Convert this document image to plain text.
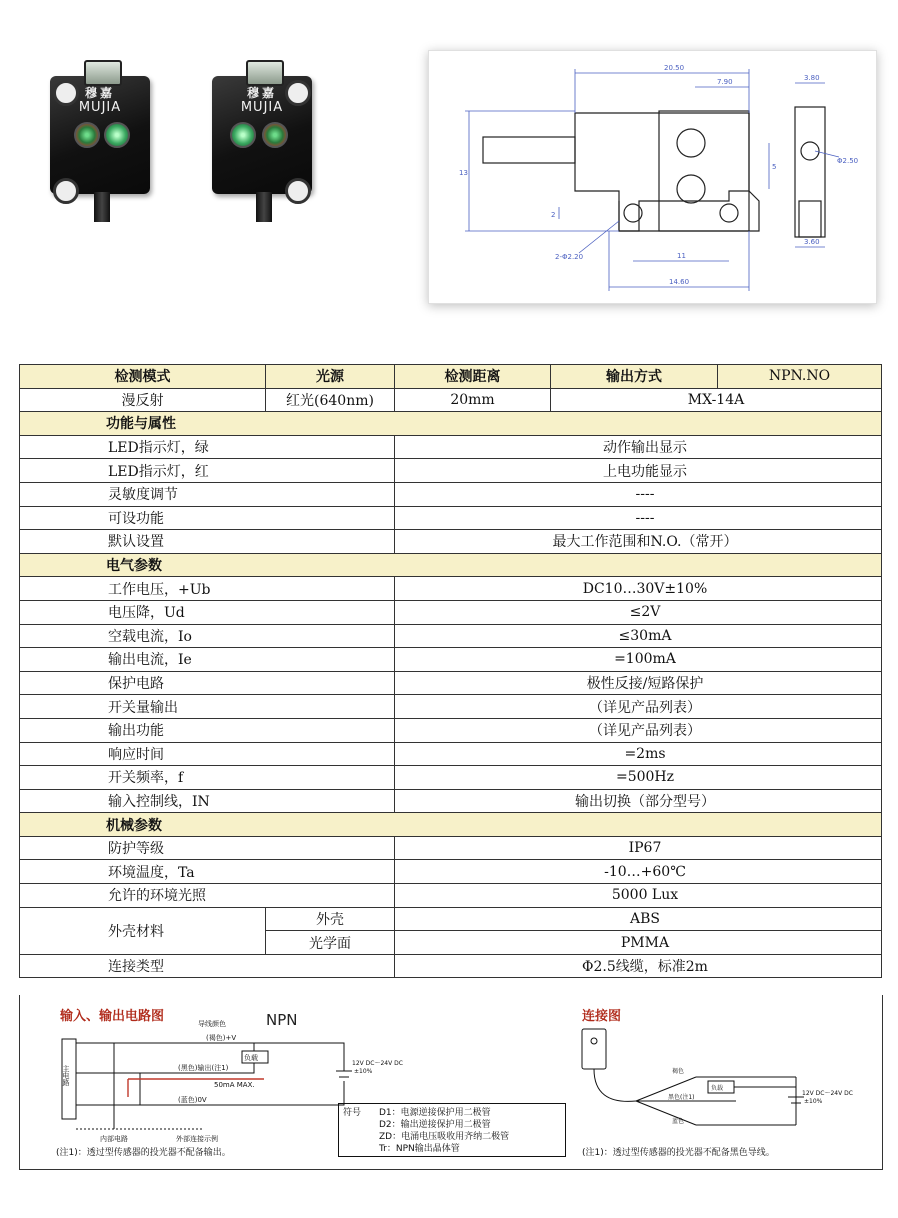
穆嘉
MUJIA
穆嘉
MUJIA
20.50
7.90
13
3.80
Φ2.50
3.60
5
2
2-Φ2.20	11
14.60
检测模式	光源	检测距离	输出方式	NPN.NO
漫反射	红光(640nm)	20mm	MX-14A	
功能与属性				
LED指示灯，绿		动作输出显示		
LED指示灯，红		上电功能显示		
灵敏度调节		----		
可设功能		----		
默认设置		最大工作范围和N.O.（常开）		
电气参数				
工作电压，+Ub		DC10…30V±10%		
电压降，Ud		≤2V		
空载电流，Io		≤30mA		
输出电流，Ie		=100mA		
保护电路		极性反接/短路保护		
开关量输出		（详见产品列表）		
输出功能		（详见产品列表）		
响应时间		=2ms		
开关频率，f		=500Hz		
输入控制线，IN		输出切换（部分型号）		
机械参数				
防护等级		IP67		
环境温度，Ta		-10…+60℃		
允许的环境光照		5000 Lux		
外壳材料	外壳	ABS		
	光学面	PMMA		
连接类型		Φ2.5线缆，标准2m		
输入、输出电路图	NPN
导线颜色
主电路
(褐色)+V
(黑色)输出(注1)
(蓝色)0V
负载
50mA MAX.
12V DC～24V DC
±10%
内部电路	外部连接示例
符号 D1：电源逆接保护用二极管
D2：输出逆接保护用二极管
ZD：电涌电压吸收用齐纳二极管
Tr：NPN输出晶体管
(注1)：透过型传感器的投光器不配备输出。
连接图
褐色
黑色(注1)
蓝色
负载
12V DC～24V DC
±10%
(注1)：透过型传感器的投光器不配备黑色导线。
